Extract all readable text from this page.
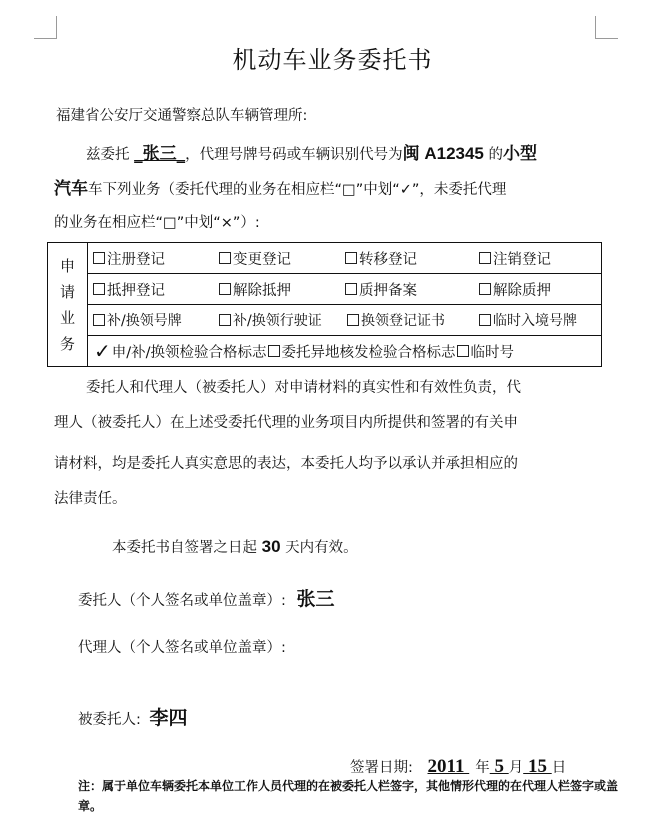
机动车业务委托书
福建省公安厅交通警察总队车辆管理所:
兹委托 _张三_，代理号牌号码或车辆识别代号为闽 A12345 的小型
汽车车下列业务（委托代理的业务在相应栏“□”中划“✓”，未委托代理
的业务在相应栏“□”中划“×”）:
申请业务	
注册登记	变更登记	转移登记	注销登记

抵押登记	解除抵押	质押备案	解除质押

补/换领号牌	补/换领行驶证	换领登记证书	临时入境号牌

✓ 申/补/换领检验合格标志 委托异地核发检验合格标志 临时号
委托人和代理人（被委托人）对申请材料的真实性和有效性负责，代
理人（被委托人）在上述受委托代理的业务项目内所提供和签署的有关申
请材料，均是委托人真实意思的表达，本委托人均予以承认并承担相应的
法律责任。
本委托书自签署之日起 30 天内有效。
委托人（个人签名或单位盖章）: 张三
代理人（个人签名或单位盖章）:
被委托人: 李四
签署日期: 2011 年 5 月 15 日
注：属于单位车辆委托本单位工作人员代理的在被委托人栏签字，其他情形代理的在代理人栏签字或盖章。
